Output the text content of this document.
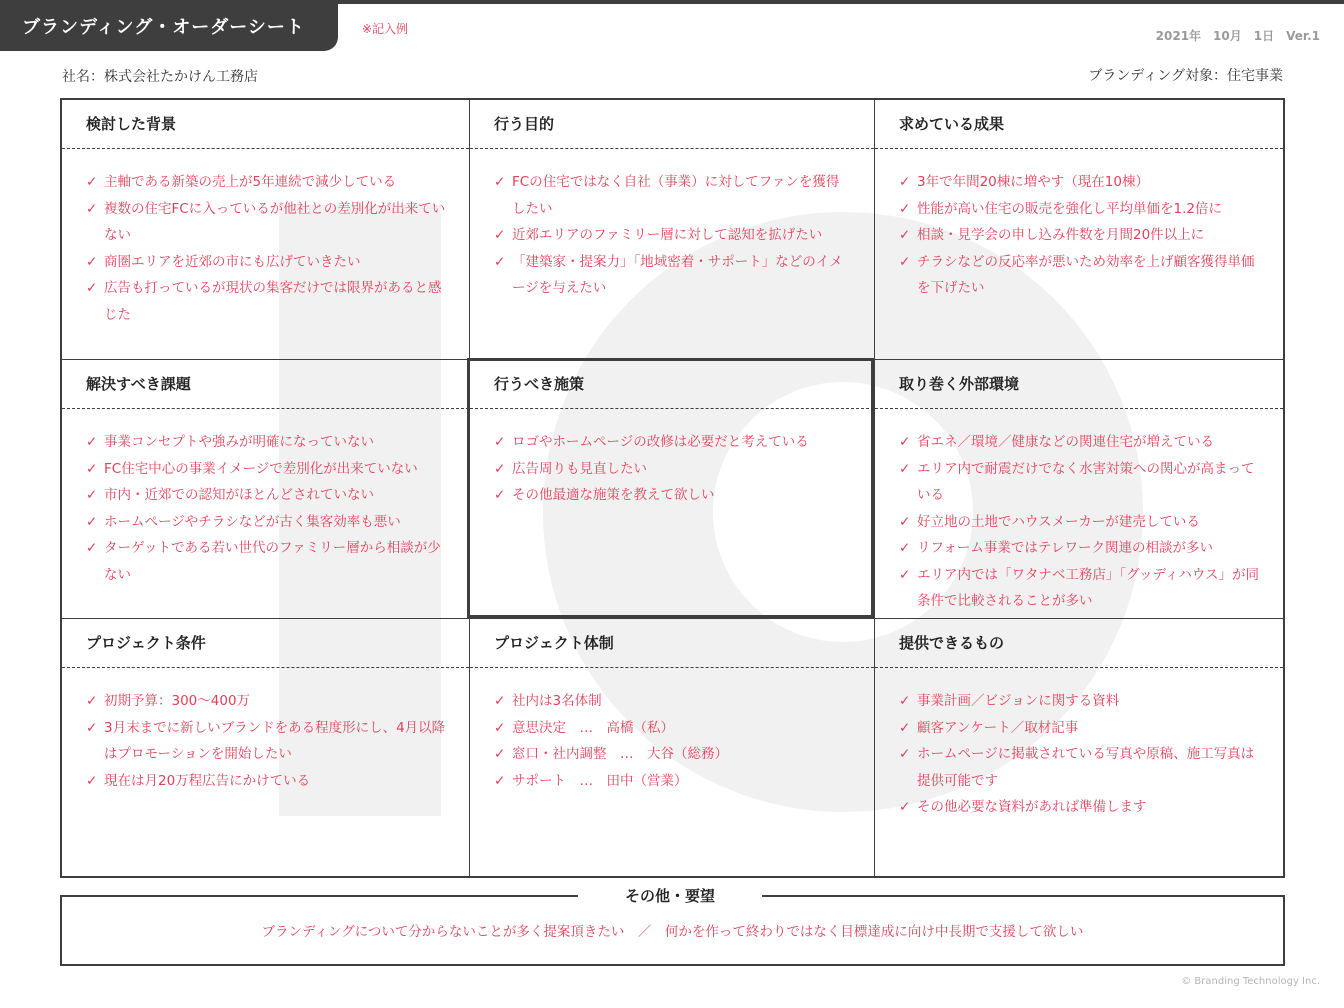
ブランディング・オーダーシート	※記入例	2021年　10月　1日　Ver.1
社名：株式会社たかけん工務店	ブランディング対象：住宅事業
検討した背景
✓ 主軸である新築の売上が5年連続で減少している
✓ 複数の住宅FCに入っているが他社との差別化が出来ていない
✓ 商圏エリアを近郊の市にも広げていきたい
✓ 広告も打っているが現状の集客だけでは限界があると感じた
行う目的
✓ FCの住宅ではなく自社（事業）に対してファンを獲得したい
✓ 近郊エリアのファミリー層に対して認知を拡げたい
✓ 「建築家・提案力」「地域密着・サポート」などのイメージを与えたい
求めている成果
✓ 3年で年間20棟に増やす（現在10棟）
✓ 性能が高い住宅の販売を強化し平均単価を1.2倍に
✓ 相談・見学会の申し込み件数を月間20件以上に
✓ チラシなどの反応率が悪いため効率を上げ顧客獲得単価を下げたい
解決すべき課題
✓ 事業コンセプトや強みが明確になっていない
✓ FC住宅中心の事業イメージで差別化が出来ていない
✓ 市内・近郊での認知がほとんどされていない
✓ ホームページやチラシなどが古く集客効率も悪い
✓ ターゲットである若い世代のファミリー層から相談が少ない
行うべき施策
✓ ロゴやホームページの改修は必要だと考えている
✓ 広告周りも見直したい
✓ その他最適な施策を教えて欲しい
取り巻く外部環境
✓ 省エネ／環境／健康などの関連住宅が増えている
✓ エリア内で耐震だけでなく水害対策への関心が高まっている
✓ 好立地の土地でハウスメーカーが建売している
✓ リフォーム事業ではテレワーク関連の相談が多い
✓ エリア内では「ワタナベ工務店」「グッディハウス」が同条件で比較されることが多い
プロジェクト条件
✓ 初期予算：300～400万
✓ 3月末までに新しいブランドをある程度形にし、4月以降はプロモーションを開始したい
✓ 現在は月20万程広告にかけている
プロジェクト体制
✓ 社内は3名体制
✓ 意思決定　…　高橋（私）
✓ 窓口・社内調整　…　大谷（総務）
✓ サポート　…　田中（営業）
提供できるもの
✓ 事業計画／ビジョンに関する資料
✓ 顧客アンケート／取材記事
✓ ホームページに掲載されている写真や原稿、施工写真は提供可能です
✓ その他必要な資料があれば準備します
ブランディングについて分からないことが多く提案頂きたい　／　何かを作って終わりではなく目標達成に向け中長期で支援して欲しい
その他・要望
© Branding Technology Inc.
